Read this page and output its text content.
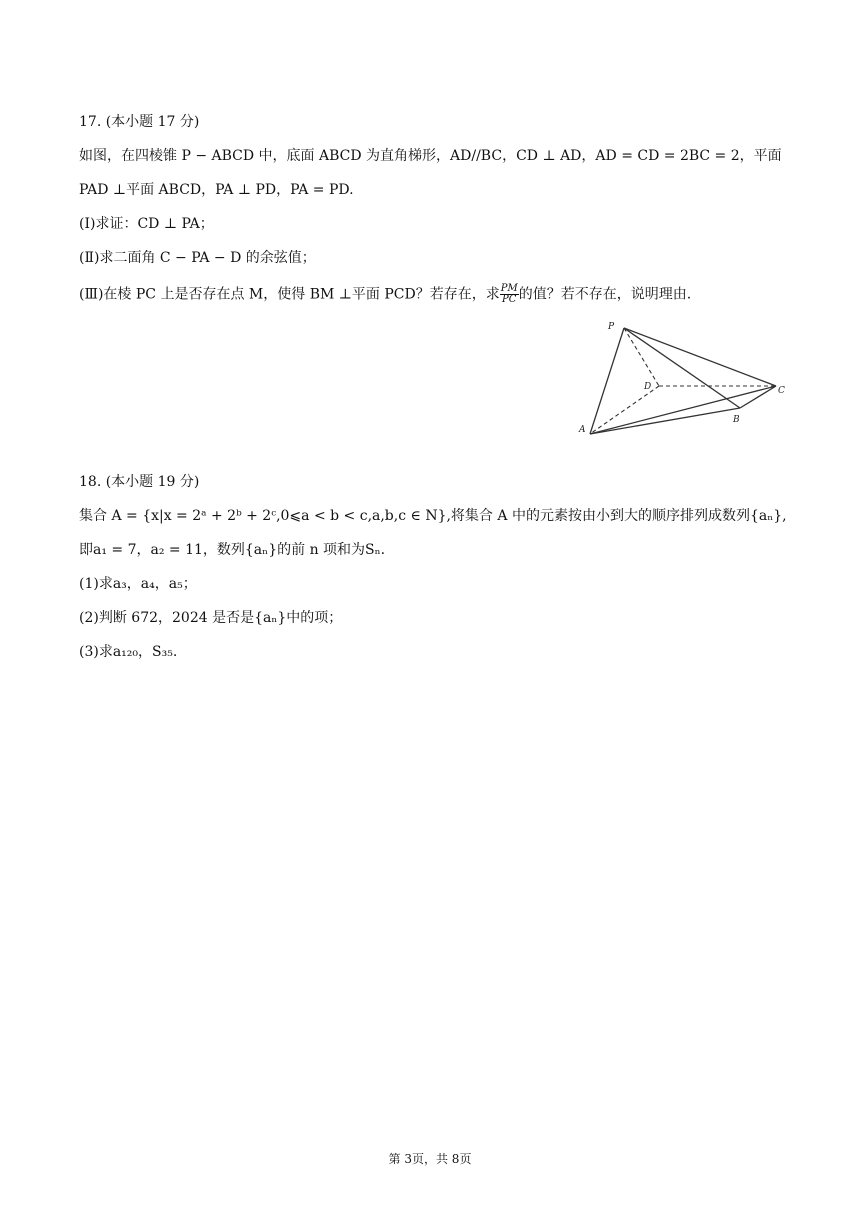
17. (本小题 17 分)
如图，在四棱锥 P − ABCD 中，底面 ABCD 为直角梯形，AD//BC，CD ⊥ AD，AD = CD = 2BC = 2，平面
PAD ⊥平面 ABCD，PA ⊥ PD，PA = PD.
(Ⅰ)求证：CD ⊥ PA；
(Ⅱ)求二面角 C − PA − D 的余弦值；
(Ⅲ)在棱 PC 上是否存在点 M，使得 BM ⊥平面 PCD？若存在，求 $\frac{PM}{PC}$ 的值？若不存在，说明理由.
P
D	C
B
A
18. (本小题 19 分)
集合 A = {x|x = 2ᵃ + 2ᵇ + 2ᶜ,0⩽a < b < c,a,b,c ∈ N},将集合 A 中的元素按由小到大的顺序排列成数列{aₙ},
即a₁ = 7，a₂ = 11，数列{aₙ}的前 n 项和为Sₙ.
(1)求a₃，a₄，a₅；
(2)判断 672，2024 是否是{aₙ}中的项；
(3)求a₁₂₀，S₃₅.
第 3页，共 8页
